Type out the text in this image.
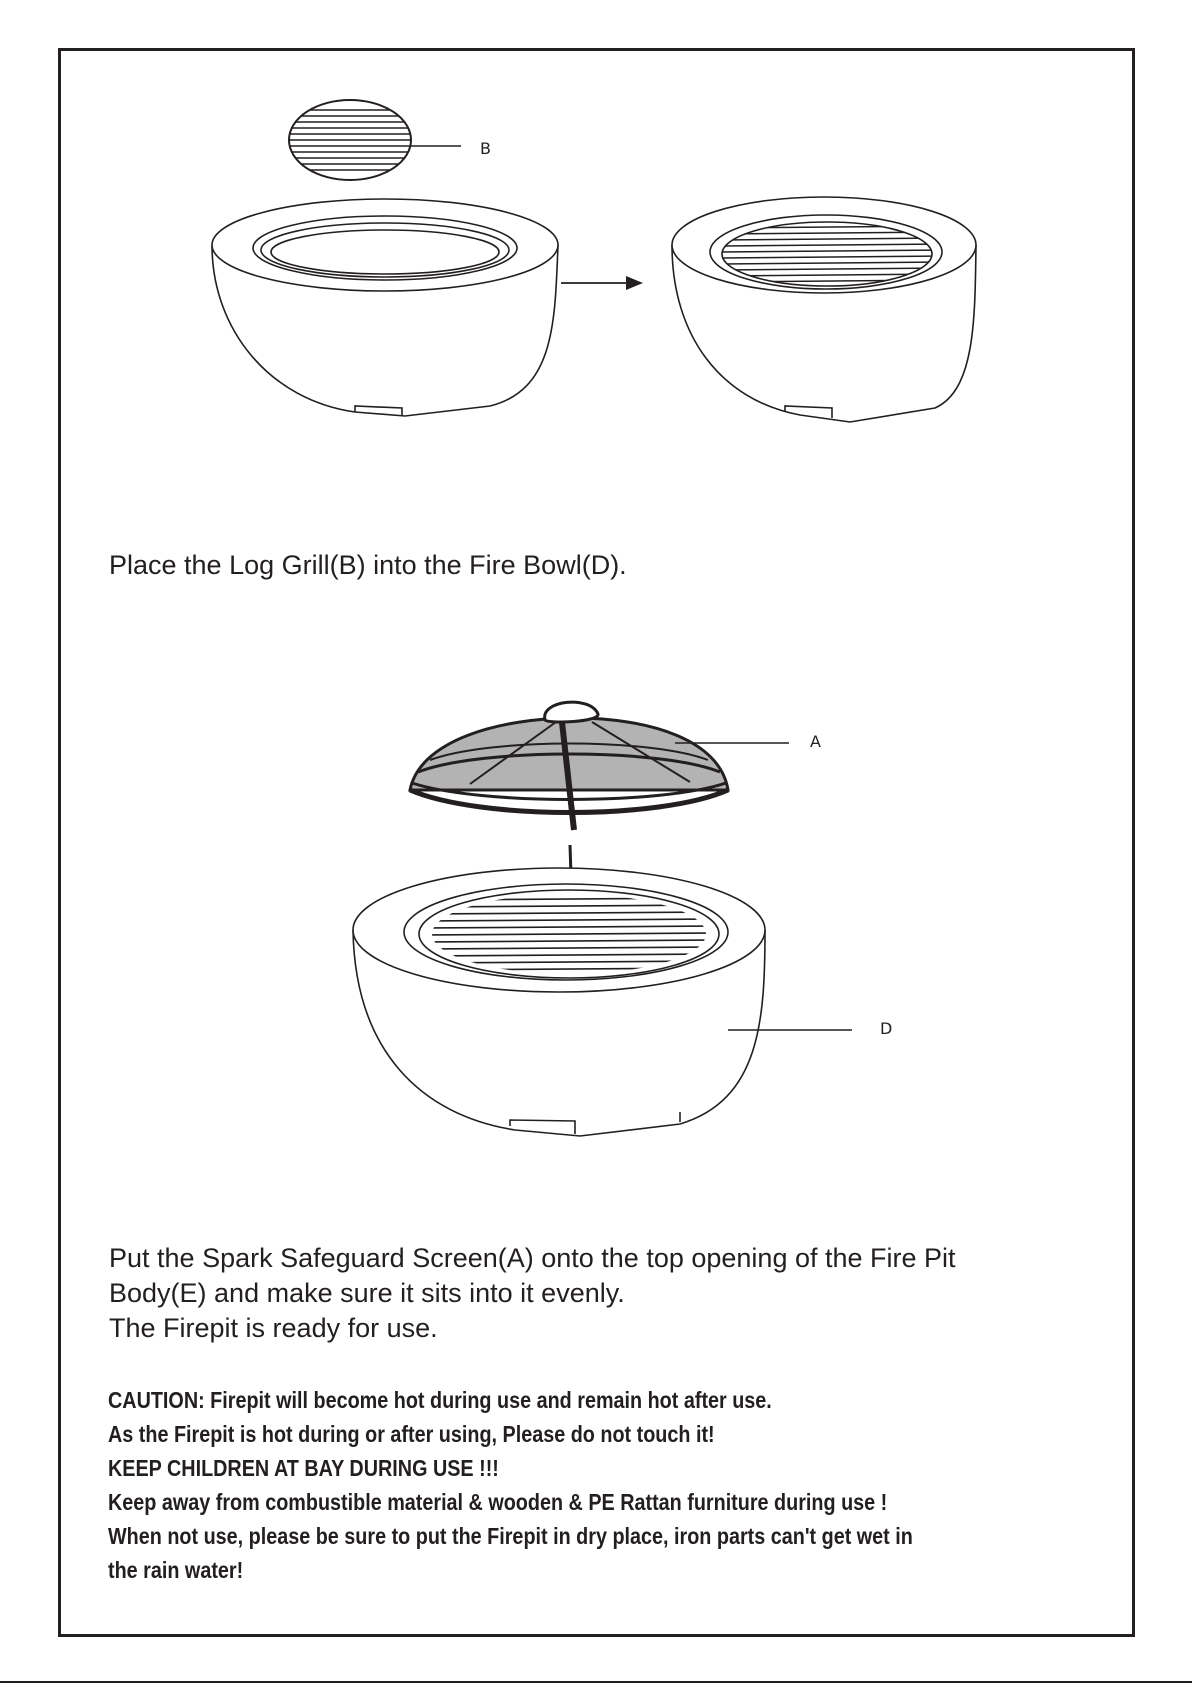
B
A
D

Place the Log Grill(B) into the Fire Bowl(D).

Put the Spark Safeguard Screen(A) onto the top opening of the Fire Pit
Body(E) and make sure it sits into it evenly.
The Firepit is ready for use.
CAUTION: Firepit will become hot during use and remain hot after use.
As the Firepit is hot during or after using, Please do not touch it!
KEEP CHILDREN AT BAY DURING USE !!!
Keep away from combustible material & wooden & PE Rattan furniture during use !
When not use, please be sure to put the Firepit in dry place, iron parts can't get wet in
the rain water!
